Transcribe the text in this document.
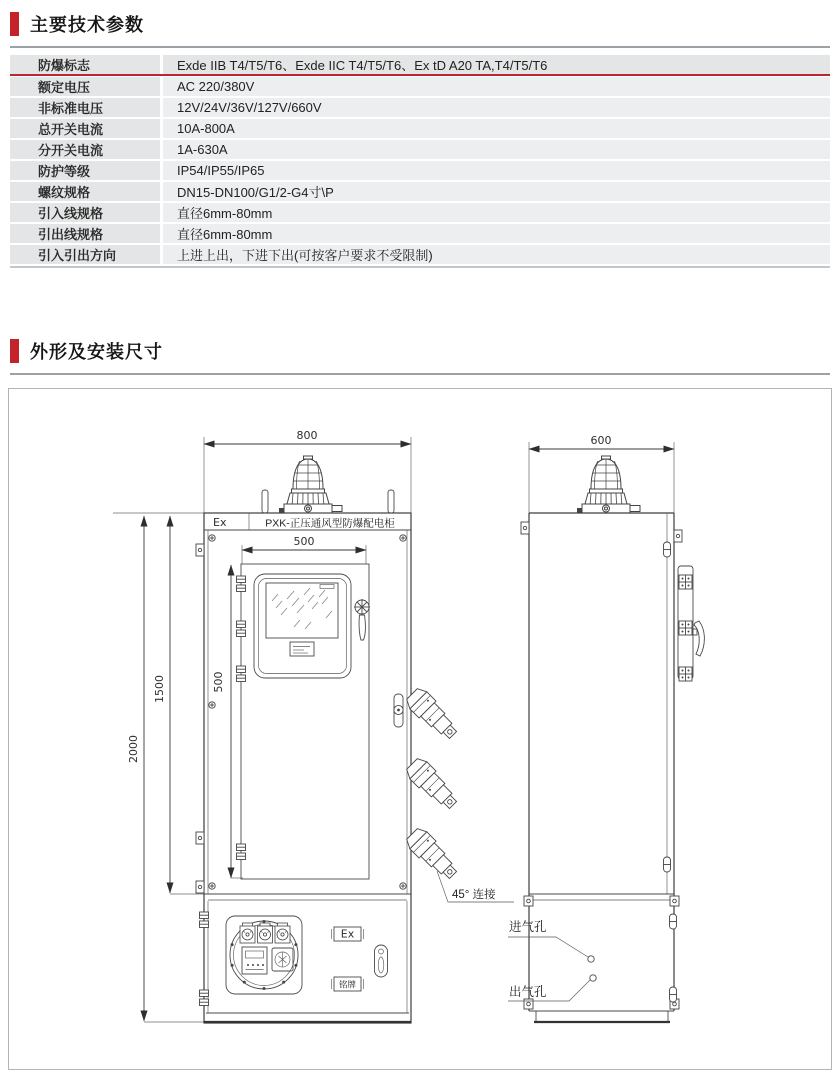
主要技术参数
防爆标志	Exde IIB T4/T5/T6、Exde IIC T4/T5/T6、Ex tD A20 TA,T4/T5/T6
额定电压	AC 220/380V
非标准电压	12V/24V/36V/127V/660V
总开关电流	10A-800A
分开关电流	1A-630A
防护等级	IP54/IP55/IP65
螺纹规格	DN15-DN100/G1/2-G4寸\P
引入线规格	直径6mm-80mm
引出线规格	直径6mm-80mm
引入引出方向	上进上出，下进下出(可按客户要求不受限制)
外形及安装尺寸
800	600
500
500
1500
2000
Ex	PXK-正压通风型防爆配电柜
45° 连接
Ex
铭牌
进气孔
出气孔
